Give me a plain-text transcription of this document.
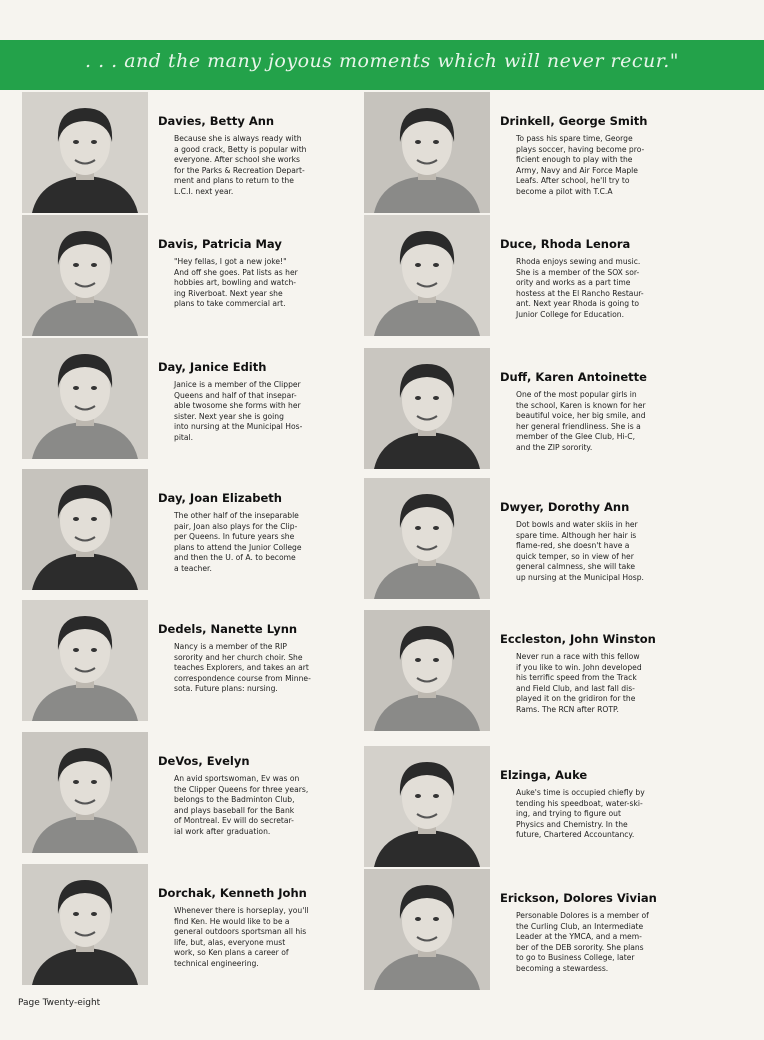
. . . and the many joyous moments which will never recur."
Davies, Betty Ann
Because she is always ready with
a good crack, Betty is popular with
everyone. After school she works
for the Parks & Recreation Depart-
ment and plans to return to the
L.C.I. next year.
Davis, Patricia May
"Hey fellas, I got a new joke!"
And off she goes. Pat lists as her
hobbies art, bowling and watch-
ing Riverboat. Next year she
plans to take commercial art.
Day, Janice Edith
Janice is a member of the Clipper
Queens and half of that insepar-
able twosome she forms with her
sister. Next year she is going
into nursing at the Municipal Hos-
pital.
Day, Joan Elizabeth
The other half of the inseparable
pair, Joan also plays for the Clip-
per Queens. In future years she
plans to attend the Junior College
and then the U. of A. to become
a teacher.
Dedels, Nanette Lynn
Nancy is a member of the RIP
sorority and her church choir. She
teaches Explorers, and takes an art
correspondence course from Minne-
sota. Future plans: nursing.
DeVos, Evelyn
An avid sportswoman, Ev was on
the Clipper Queens for three years,
belongs to the Badminton Club,
and plays baseball for the Bank
of Montreal. Ev will do secretar-
ial work after graduation.
Dorchak, Kenneth John
Whenever there is horseplay, you'll
find Ken. He would like to be a
general outdoors sportsman all his
life, but, alas, everyone must
work, so Ken plans a career of
technical engineering.
Drinkell, George Smith
To pass his spare time, George
plays soccer, having become pro-
ficient enough to play with the
Army, Navy and Air Force Maple
Leafs. After school, he'll try to
become a pilot with T.C.A
Duce, Rhoda Lenora
Rhoda enjoys sewing and music.
She is a member of the SOX sor-
ority and works as a part time
hostess at the El Rancho Restaur-
ant. Next year Rhoda is going to
Junior College for Education.
Duff, Karen Antoinette
One of the most popular girls in
the school, Karen is known for her
beautiful voice, her big smile, and
her general friendliness. She is a
member of the Glee Club, Hi-C,
and the ZIP sorority.
Dwyer, Dorothy Ann
Dot bowls and water skiis in her
spare time. Although her hair is
flame-red, she doesn't have a
quick temper, so in view of her
general calmness, she will take
up nursing at the Municipal Hosp.
Eccleston, John Winston
Never run a race with this fellow
if you like to win. John developed
his terrific speed from the Track
and Field Club, and last fall dis-
played it on the gridiron for the
Rams. The RCN after ROTP.
Elzinga, Auke
Auke's time is occupied chiefly by
tending his speedboat, water-ski-
ing, and trying to figure out
Physics and Chemistry. In the
future, Chartered Accountancy.
Erickson, Dolores Vivian
Personable Dolores is a member of
the Curling Club, an Intermediate
Leader at the YMCA, and a mem-
ber of the DEB sorority. She plans
to go to Business College, later
becoming a stewardess.
Page Twenty-eight
